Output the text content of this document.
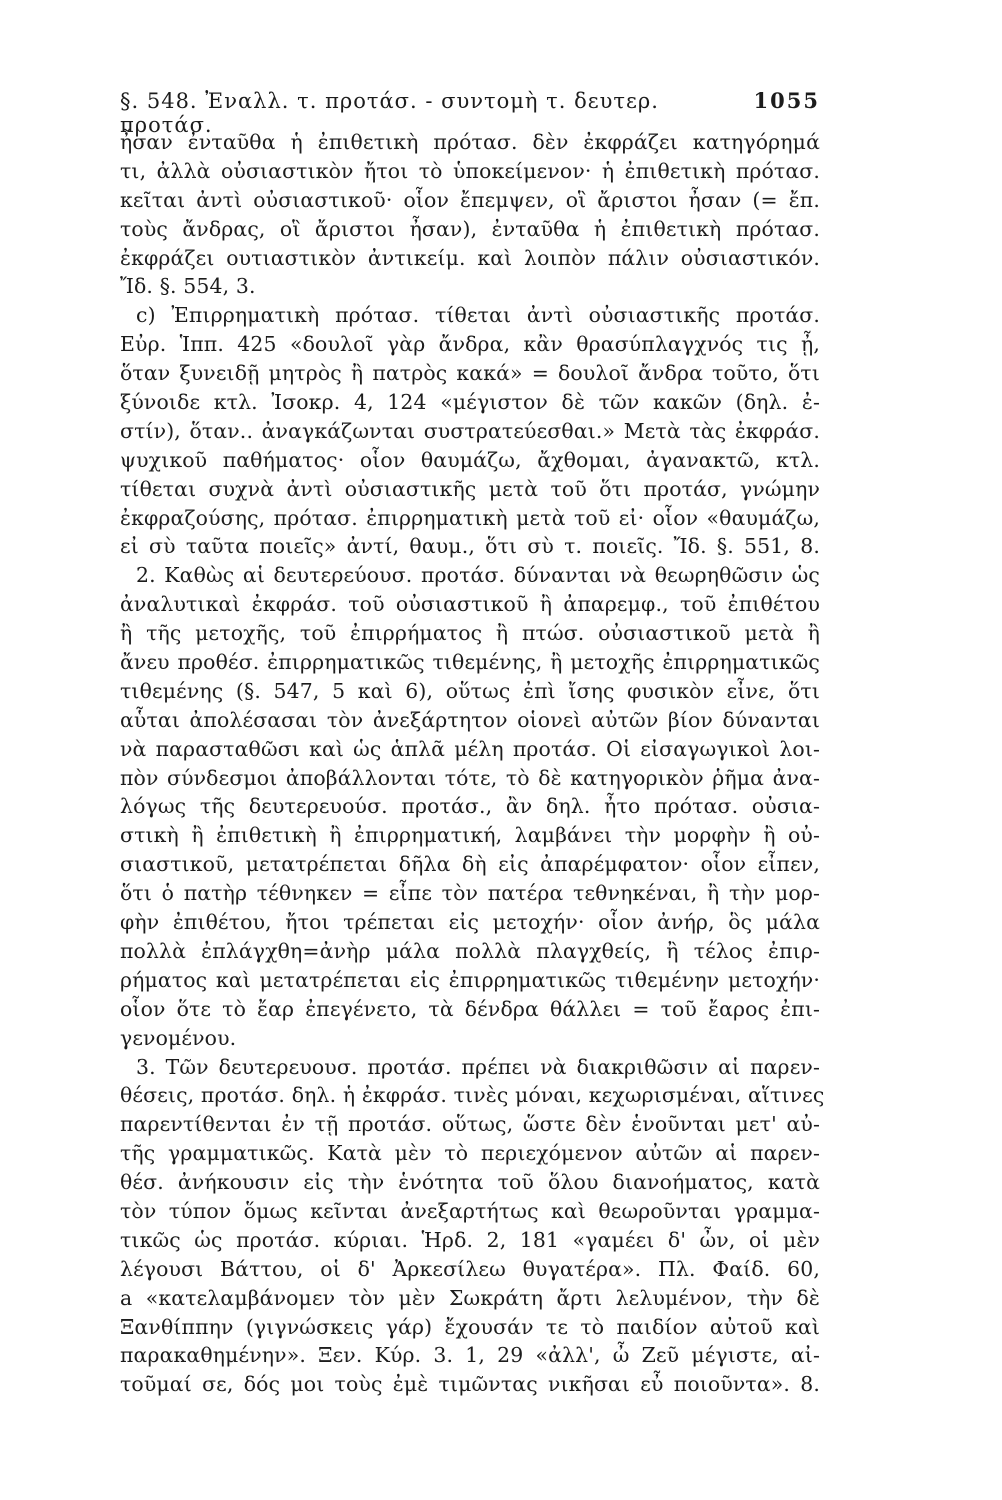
§. 548. Ἐναλλ. τ. προτάσ. - συντομὴ τ. δευτερ. προτάσ.
1055
ἦσαν ἐνταῦθα ἡ ἐπιθετικὴ πρότασ. δὲν ἐκφράζει κατηγόρημά
τι, ἀλλὰ οὐσιαστικὸν ἤτοι τὸ ὑποκείμενον· ἡ ἐπιθετικὴ πρότασ.
κεῖται ἀντὶ οὐσιαστικοῦ· οἷον ἔπεμψεν, οἳ ἄριστοι ἦσαν (= ἔπ.
τοὺς ἄνδρας, οἳ ἄριστοι ἦσαν), ἐνταῦθα ἡ ἐπιθετικὴ πρότασ.
ἐκφράζει ουτιαστικὸν ἀντικείμ. καὶ λοιπὸν πάλιν οὐσιαστικόν.
Ἴδ. §. 554, 3.
c) Ἐπιρρηματικὴ πρότασ. τίθεται ἀντὶ οὐσιαστικῆς προτάσ.
Εὐρ. Ἱππ. 425 «δουλοῖ γὰρ ἄνδρα, κἂν θρασύπλαγχνός τις ᾖ,
ὅταν ξυνειδῇ μητρὸς ἢ πατρὸς κακά» = δουλοῖ ἄνδρα τοῦτο, ὅτι
ξύνοιδε κτλ. Ἰσοκρ. 4, 124 «μέγιστον δὲ τῶν κακῶν (δηλ. ἐ-
στίν), ὅταν.. ἀναγκάζωνται συστρατεύεσθαι.» Μετὰ τὰς ἐκφράσ.
ψυχικοῦ παθήματος· οἷον θαυμάζω, ἄχθομαι, ἀγανακτῶ, κτλ.
τίθεται συχνὰ ἀντὶ οὐσιαστικῆς μετὰ τοῦ ὅτι προτάσ, γνώμην
ἐκφραζούσης, πρότασ. ἐπιρρηματικὴ μετὰ τοῦ εἰ· οἷον «θαυμάζω,
εἰ σὺ ταῦτα ποιεῖς» ἀντί, θαυμ., ὅτι σὺ τ. ποιεῖς. Ἴδ. §. 551, 8.
2. Καθὼς αἱ δευτερεύουσ. προτάσ. δύνανται νὰ θεωρηθῶσιν ὡς
ἀναλυτικαὶ ἐκφράσ. τοῦ οὐσιαστικοῦ ἢ ἀπαρεμφ., τοῦ ἐπιθέτου
ἢ τῆς μετοχῆς, τοῦ ἐπιρρήματος ἢ πτώσ. οὐσιαστικοῦ μετὰ ἢ
ἄνευ προθέσ. ἐπιρρηματικῶς τιθεμένης, ἢ μετοχῆς ἐπιρρηματικῶς
τιθεμένης (§. 547, 5 καὶ 6), οὕτως ἐπὶ ἴσης φυσικὸν εἶνε, ὅτι
αὗται ἀπολέσασαι τὸν ἀνεξάρτητον οἱονεὶ αὐτῶν βίον δύνανται
νὰ παρασταθῶσι καὶ ὡς ἁπλᾶ μέλη προτάσ. Οἱ εἰσαγωγικοὶ λοι-
πὸν σύνδεσμοι ἀποβάλλονται τότε, τὸ δὲ κατηγορικὸν ῥῆμα ἀνα-
λόγως τῆς δευτερευούσ. προτάσ., ἂν δηλ. ἦτο πρότασ. οὐσια-
στικὴ ἢ ἐπιθετικὴ ἢ ἐπιρρηματική, λαμβάνει τὴν μορφὴν ἢ οὐ-
σιαστικοῦ, μετατρέπεται δῆλα δὴ εἰς ἀπαρέμφατον· οἷον εἶπεν,
ὅτι ὁ πατὴρ τέθνηκεν = εἶπε τὸν πατέρα τεθνηκέναι, ἢ τὴν μορ-
φὴν ἐπιθέτου, ἤτοι τρέπεται εἰς μετοχήν· οἷον ἀνήρ, ὃς μάλα
πολλὰ ἐπλάγχθη=ἀνὴρ μάλα πολλὰ πλαγχθείς, ἢ τέλος ἐπιρ-
ρήματος καὶ μετατρέπεται εἰς ἐπιρρηματικῶς τιθεμένην μετοχήν·
οἷον ὅτε τὸ ἔαρ ἐπεγένετο, τὰ δένδρα θάλλει = τοῦ ἔαρος ἐπι-
γενομένου.
3. Τῶν δευτερευουσ. προτάσ. πρέπει νὰ διακριθῶσιν αἱ παρεν-
θέσεις, προτάσ. δηλ. ἡ ἐκφράσ. τινὲς μόναι, κεχωρισμέναι, αἵτινες
παρεντίθενται ἐν τῇ προτάσ. οὕτως, ὥστε δὲν ἑνοῦνται μετ' αὐ-
τῆς γραμματικῶς. Κατὰ μὲν τὸ περιεχόμενον αὐτῶν αἱ παρεν-
θέσ. ἀνήκουσιν εἰς τὴν ἑνότητα τοῦ ὅλου διανοήματος, κατὰ
τὸν τύπον ὅμως κεῖνται ἀνεξαρτήτως καὶ θεωροῦνται γραμμα-
τικῶς ὡς προτάσ. κύριαι. Ἡρδ. 2, 181 «γαμέει δ' ὦν, οἱ μὲν
λέγουσι Βάττου, οἱ δ' Ἀρκεσίλεω θυγατέρα». Πλ. Φαίδ. 60,
a «κατελαμβάνομεν τὸν μὲν Σωκράτη ἄρτι λελυμένον, τὴν δὲ
Ξανθίππην (γιγνώσκεις γάρ) ἔχουσάν τε τὸ παιδίον αὐτοῦ καὶ
παρακαθημένην». Ξεν. Κύρ. 3. 1, 29 «ἀλλ', ὦ Ζεῦ μέγιστε, αἰ-
τοῦμαί σε, δός μοι τοὺς ἐμὲ τιμῶντας νικῆσαι εὖ ποιοῦντα». 8.
